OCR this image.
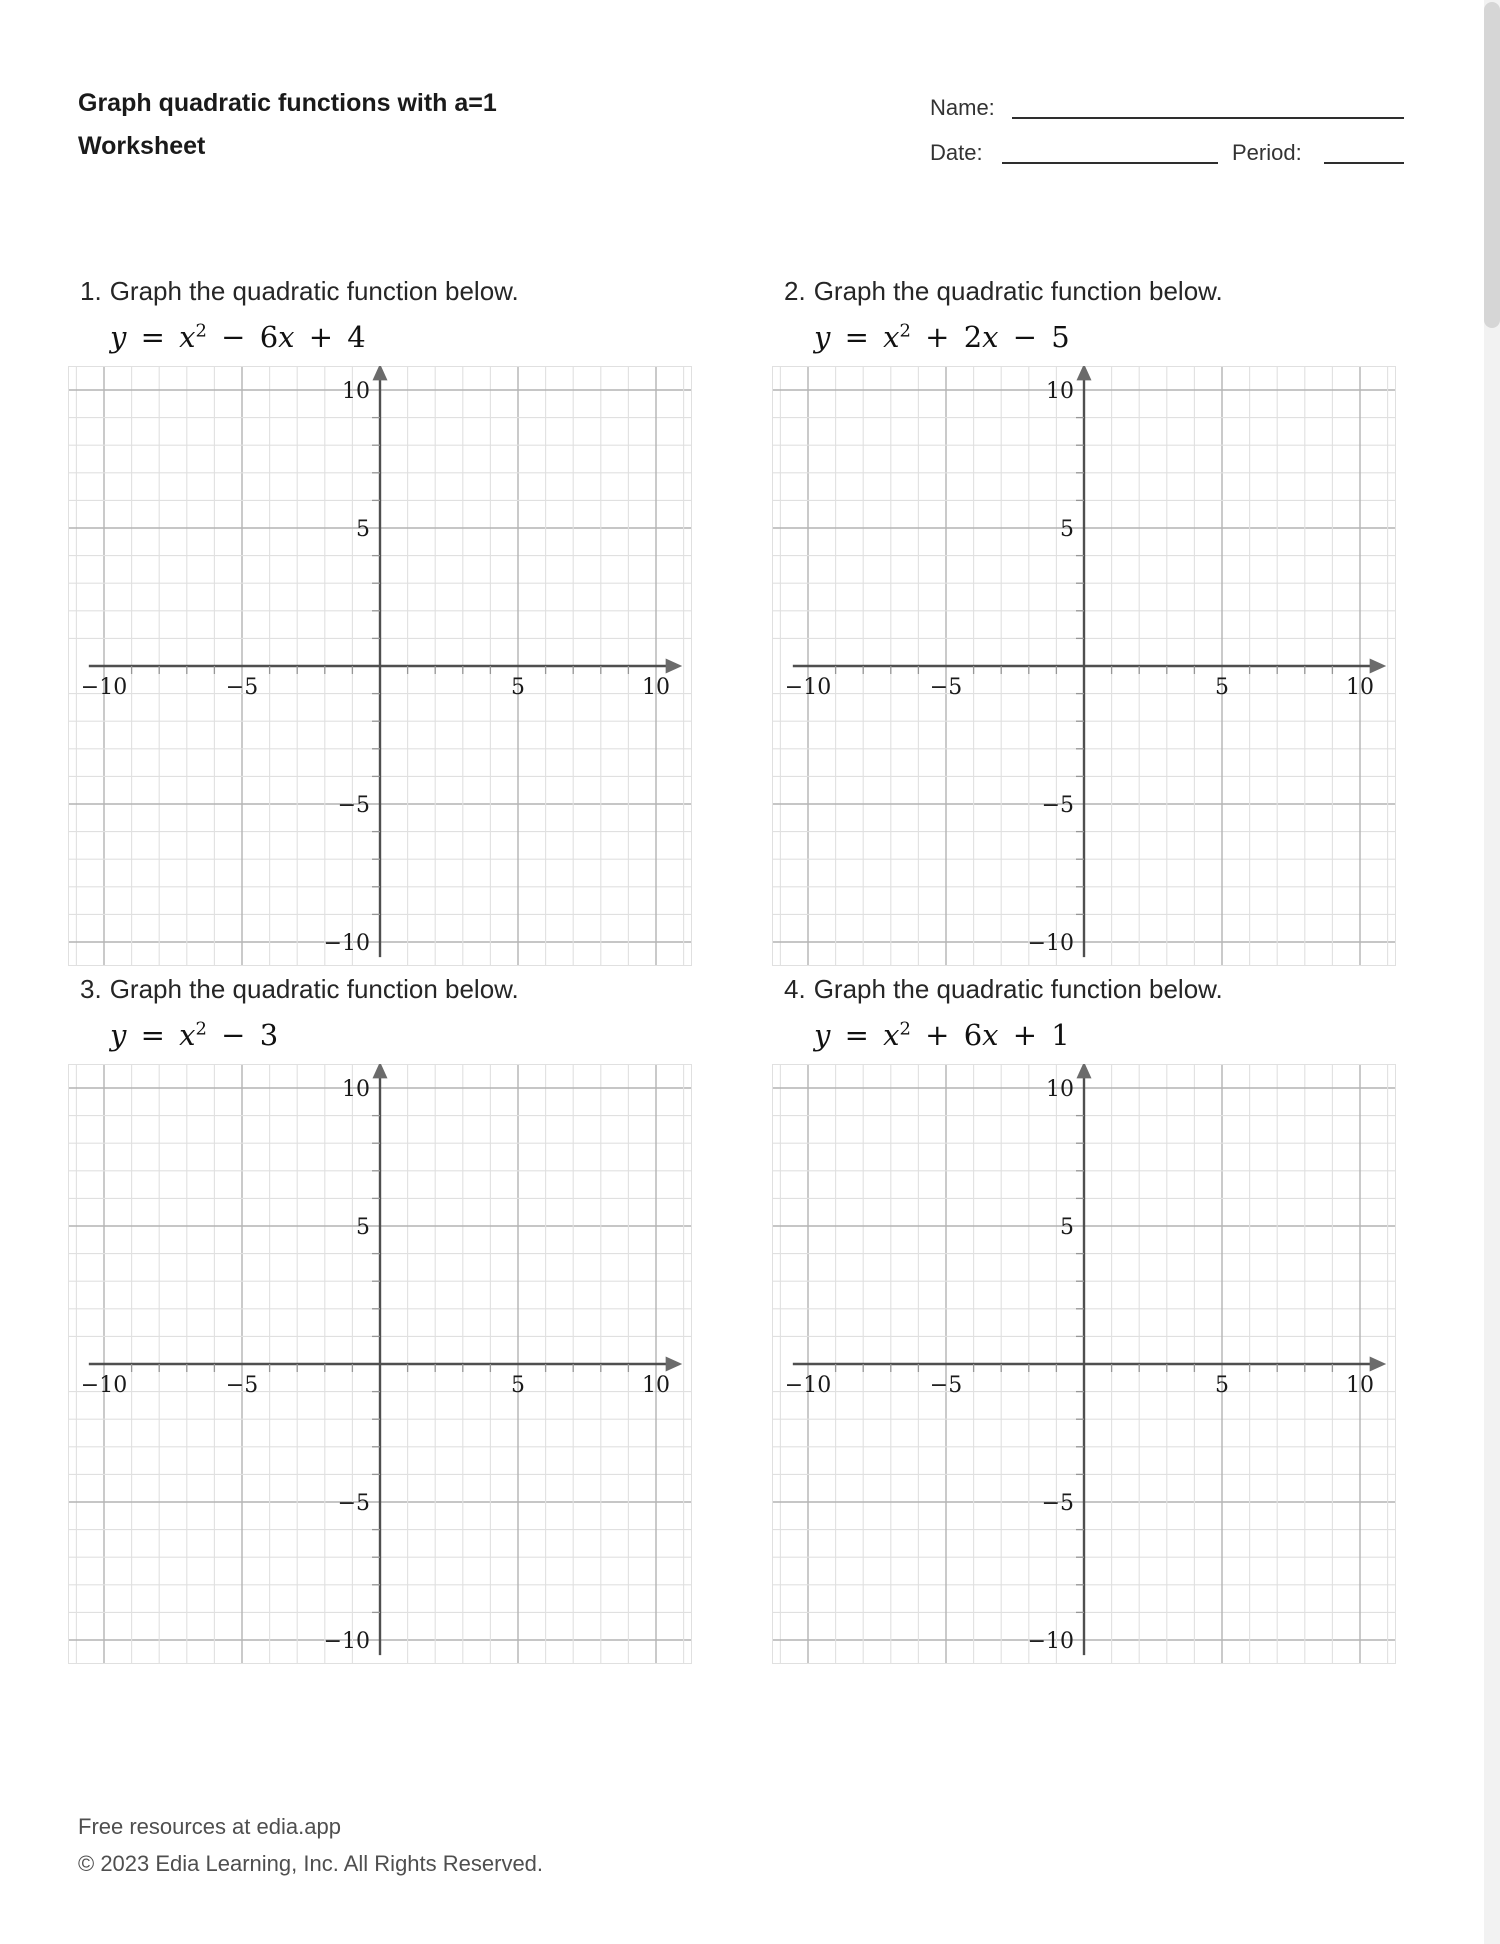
Graph quadratic functions with a=1
Worksheet
Name:
Date:	Period:
1. Graph the quadratic function below.
$y = x^2 - 6x + 4$
−10	−5	5	10
10
5
−5
−10
2. Graph the quadratic function below.
$y = x^2 + 2x - 5$
−10	−5	5	10
10
5
−5
−10
3. Graph the quadratic function below.
$y = x^2 - 3$
−10	−5	5	10
10
5
−5
−10
4. Graph the quadratic function below.
$y = x^2 + 6x + 1$
−10	−5	5	10
10
5
−5
−10
Free resources at edia.app
© 2023 Edia Learning, Inc. All Rights Reserved.
